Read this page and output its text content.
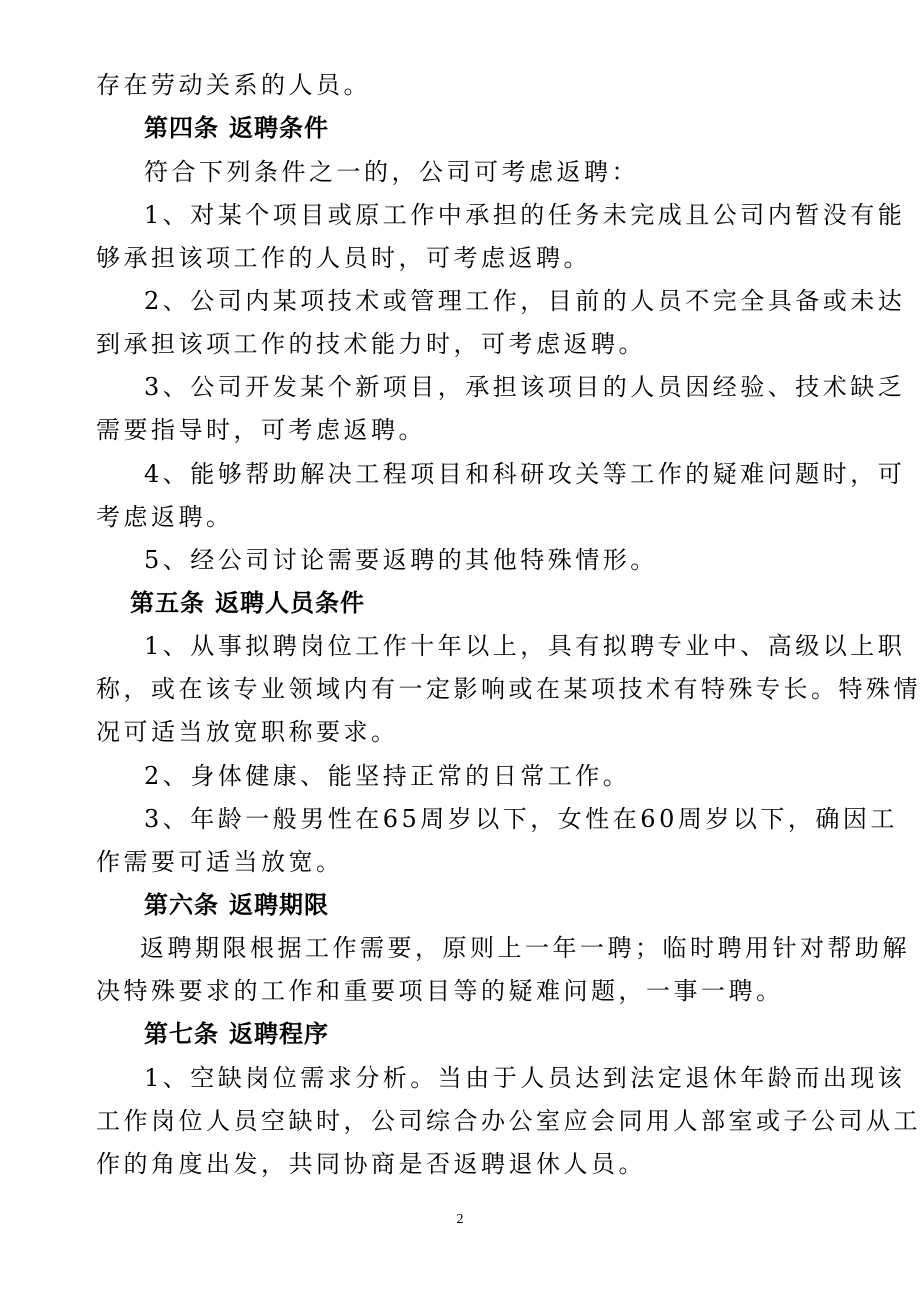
存在劳动关系的人员。
第四条 返聘条件
符合下列条件之一的，公司可考虑返聘：
1、对某个项目或原工作中承担的任务未完成且公司内暂没有能
够承担该项工作的人员时，可考虑返聘。
2、公司内某项技术或管理工作，目前的人员不完全具备或未达
到承担该项工作的技术能力时，可考虑返聘。
3、公司开发某个新项目，承担该项目的人员因经验、技术缺乏
需要指导时，可考虑返聘。
4、能够帮助解决工程项目和科研攻关等工作的疑难问题时，可
考虑返聘。
5、经公司讨论需要返聘的其他特殊情形。
第五条 返聘人员条件
1、从事拟聘岗位工作十年以上，具有拟聘专业中、高级以上职
称，或在该专业领域内有一定影响或在某项技术有特殊专长。特殊情
况可适当放宽职称要求。
2、身体健康、能坚持正常的日常工作。
3、年龄一般男性在65周岁以下，女性在60周岁以下，确因工
作需要可适当放宽。
第六条 返聘期限
返聘期限根据工作需要，原则上一年一聘；临时聘用针对帮助解
决特殊要求的工作和重要项目等的疑难问题，一事一聘。
第七条 返聘程序
1、空缺岗位需求分析。当由于人员达到法定退休年龄而出现该
工作岗位人员空缺时，公司综合办公室应会同用人部室或子公司从工
作的角度出发，共同协商是否返聘退休人员。
2
